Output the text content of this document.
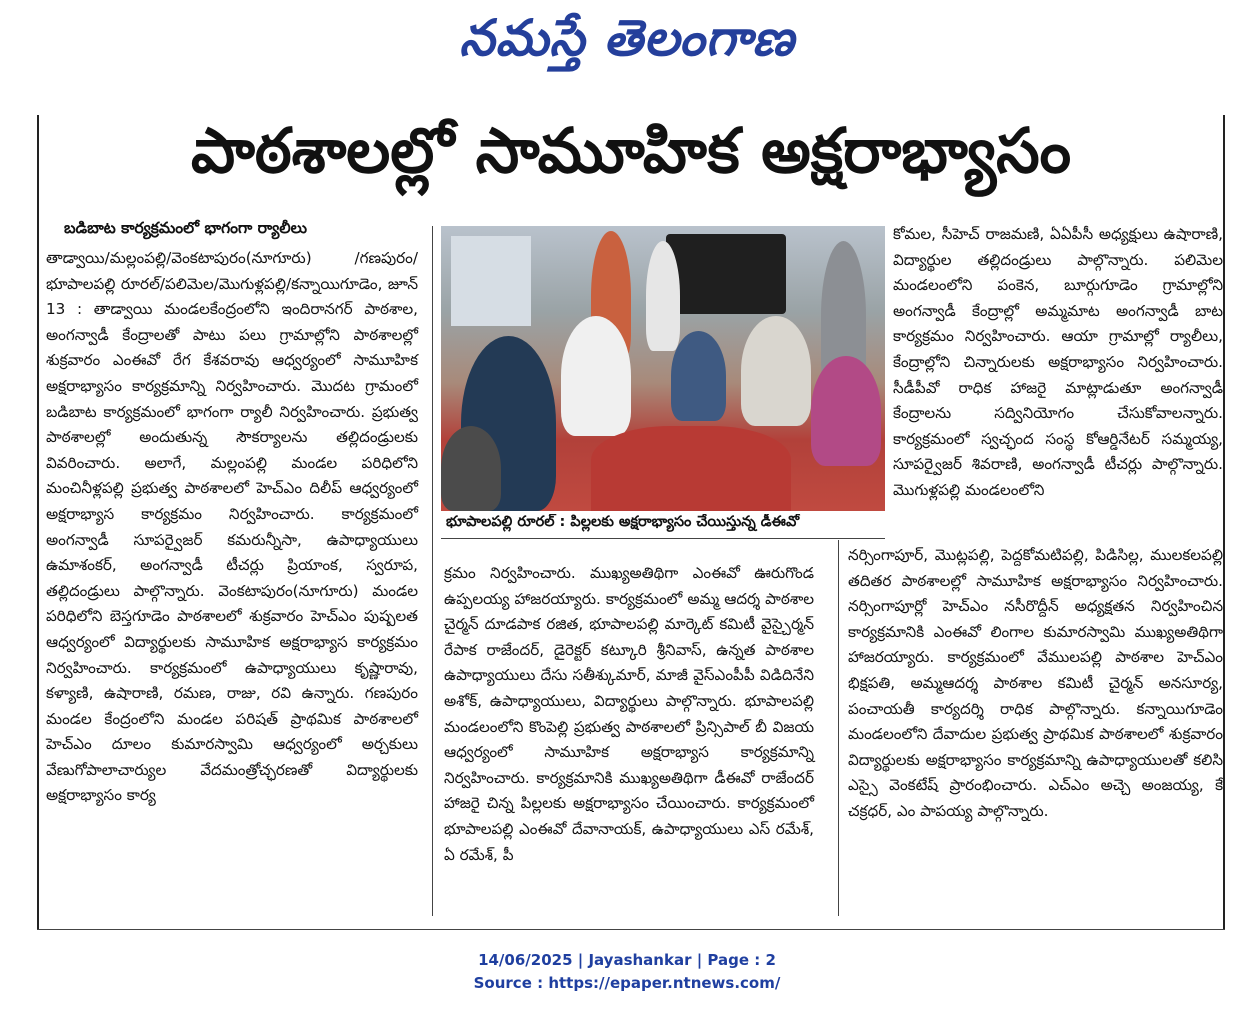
నమస్తే తెలంగాణ
పాఠశాలల్లో సామూహిక అక్షరాభ్యాసం
బడిబాట కార్యక్రమంలో భాగంగా ర్యాలీలు

తాడ్వాయి/మల్లంపల్లి/వెంకటాపురం(నూగూరు) /గణపురం/భూపాలపల్లి రూరల్/పలిమెల/మొగుళ్లపల్లి/కన్నాయిగూడెం, జూన్ 13 : తాడ్వాయి మండలకేంద్రంలోని ఇందిరానగర్ పాఠశాల, అంగన్వాడీ కేంద్రాలతో పాటు పలు గ్రామాల్లోని పాఠశాలల్లో శుక్రవారం ఎంఈవో రేగ కేశవరావు ఆధ్వర్యంలో సామూహిక అక్షరాభ్యాసం కార్యక్రమాన్ని నిర్వహించారు. మొదట గ్రామంలో బడిబాట కార్యక్రమంలో భాగంగా ర్యాలీ నిర్వహించారు. ప్రభుత్వ పాఠశాలల్లో అందుతున్న సౌకర్యాలను తల్లిదండ్రులకు వివరించారు. అలాగే, మల్లంపల్లి మండల పరిధిలోని మంచినీళ్లపల్లి ప్రభుత్వ పాఠశాలలో హెచ్ఎం దిలీప్ ఆధ్వర్యంలో అక్షరాభ్యాస కార్యక్రమం నిర్వహించారు. కార్యక్రమంలో అంగన్వాడీ సూపర్వైజర్ కమరున్నీసా, ఉపాధ్యాయులు ఉమాశంకర్, అంగన్వాడీ టీచర్లు ప్రియాంక, స్వరూప, తల్లిదండ్రులు పాల్గొన్నారు. వెంకటాపురం(నూగూరు) మండల పరిధిలోని బెస్తగూడెం పాఠశాలలో శుక్రవారం హెచ్ఎం పుష్పలత ఆధ్వర్యంలో విద్యార్థులకు సామూహిక అక్షరాభ్యాస కార్యక్రమం నిర్వహించారు. కార్యక్రమంలో ఉపాధ్యాయులు కృష్ణారావు, కళ్యాణి, ఉషారాణి, రమణ, రాజు, రవి ఉన్నారు. గణపురం మండల కేంద్రంలోని మండల పరిషత్ ప్రాథమిక పాఠశాలలో హెచ్ఎం దూలం కుమారస్వామి ఆధ్వర్యంలో అర్చకులు వేణుగోపాలాచార్యుల వేదమంత్రోచ్ఛరణతో విద్యార్థులకు అక్షరాభ్యాసం కార్య

భూపాలపల్లి రూరల్ : పిల్లలకు అక్షరాభ్యాసం చేయిస్తున్న డీఈవో

క్రమం నిర్వహించారు. ముఖ్యఅతిథిగా ఎంఈవో ఊరుగొండ ఉప్పలయ్య హాజరయ్యారు. కార్యక్రమంలో అమ్మ ఆదర్శ పాఠశాల చైర్మన్ దూడపాక రజిత, భూపాలపల్లి మార్కెట్ కమిటీ వైస్చైర్మన్ రేపాక రాజేందర్, డైరెక్టర్ కట్కూరి శ్రీనివాస్, ఉన్నత పాఠశాల ఉపాధ్యాయులు దేసు సతీశ్కుమార్, మాజీ వైస్ఎంపీపీ విడిదినేని అశోక్, ఉపాధ్యాయులు, విద్యార్థులు పాల్గొన్నారు. భూపాలపల్లి మండలంలోని కొంపెల్లి ప్రభుత్వ పాఠశాలలో ప్రిన్సిపాల్ బీ విజయ ఆధ్వర్యంలో సామూహిక అక్షరాభ్యాస కార్యక్రమాన్ని నిర్వహించారు. కార్యక్రమానికి ముఖ్యఅతిథిగా డీఈవో రాజేందర్ హాజరై చిన్న పిల్లలకు అక్షరాభ్యాసం చేయించారు. కార్యక్రమంలో భూపాలపల్లి ఎంఈవో దేవానాయక్, ఉపాధ్యాయులు ఎస్ రమేశ్, ఏ రమేశ్, పీ

కోమల, సీహెచ్ రాజమణి, ఏఏపీసీ అధ్యక్షులు ఉషారాణి, విద్యార్థుల తల్లిదండ్రులు పాల్గొన్నారు. పలిమెల మండలంలోని పంకెన, బూర్గుగూడెం గ్రామాల్లోని అంగన్వాడీ కేంద్రాల్లో అమ్మమాట అంగన్వాడీ బాట కార్యక్రమం నిర్వహించారు. ఆయా గ్రామాల్లో ర్యాలీలు, కేంద్రాల్లోని చిన్నారులకు అక్షరాభ్యాసం నిర్వహించారు. సీడీపీవో రాధిక హాజరై మాట్లాడుతూ అంగన్వాడీ కేంద్రాలను సద్వినియోగం చేసుకోవాలన్నారు. కార్యక్రమంలో స్వచ్ఛంద సంస్థ కోఆర్డినేటర్ సమ్మయ్య, సూపర్వైజర్ శివరాణి, అంగన్వాడీ టీచర్లు పాల్గొన్నారు. మొగుళ్లపల్లి మండలంలోని

నర్సింగాపూర్, మొట్లపల్లి, పెద్దకోమటిపల్లి, పిడిసిల్ల, ములకలపల్లి తదితర పాఠశాలల్లో సామూహిక అక్షరాభ్యాసం నిర్వహించారు. నర్సింగాపూర్లో హెచ్ఎం నసీరొద్దీన్ అధ్యక్షతన నిర్వహించిన కార్యక్రమానికి ఎంఈవో లింగాల కుమారస్వామి ముఖ్యఅతిథిగా హాజరయ్యారు. కార్యక్రమంలో వేములపల్లి పాఠశాల హెచ్ఎం భిక్షపతి, అమ్మఆదర్శ పాఠశాల కమిటీ చైర్మన్ అనసూర్య, పంచాయతీ కార్యదర్శి రాధిక పాల్గొన్నారు. కన్నాయిగూడెం మండలంలోని దేవాదుల ప్రభుత్వ ప్రాథమిక పాఠశాలలో శుక్రవారం విద్యార్థులకు అక్షరాభ్యాసం కార్యక్రమాన్ని ఉపాధ్యాయులతో కలిసి ఎస్సై వెంకటేష్ ప్రారంభించారు. ఎచ్ఎం అచ్చె అంజయ్య, కే చక్రధర్, ఎం పాపయ్య పాల్గొన్నారు.

14/06/2025 | Jayashankar | Page : 2
Source : https://epaper.ntnews.com/
